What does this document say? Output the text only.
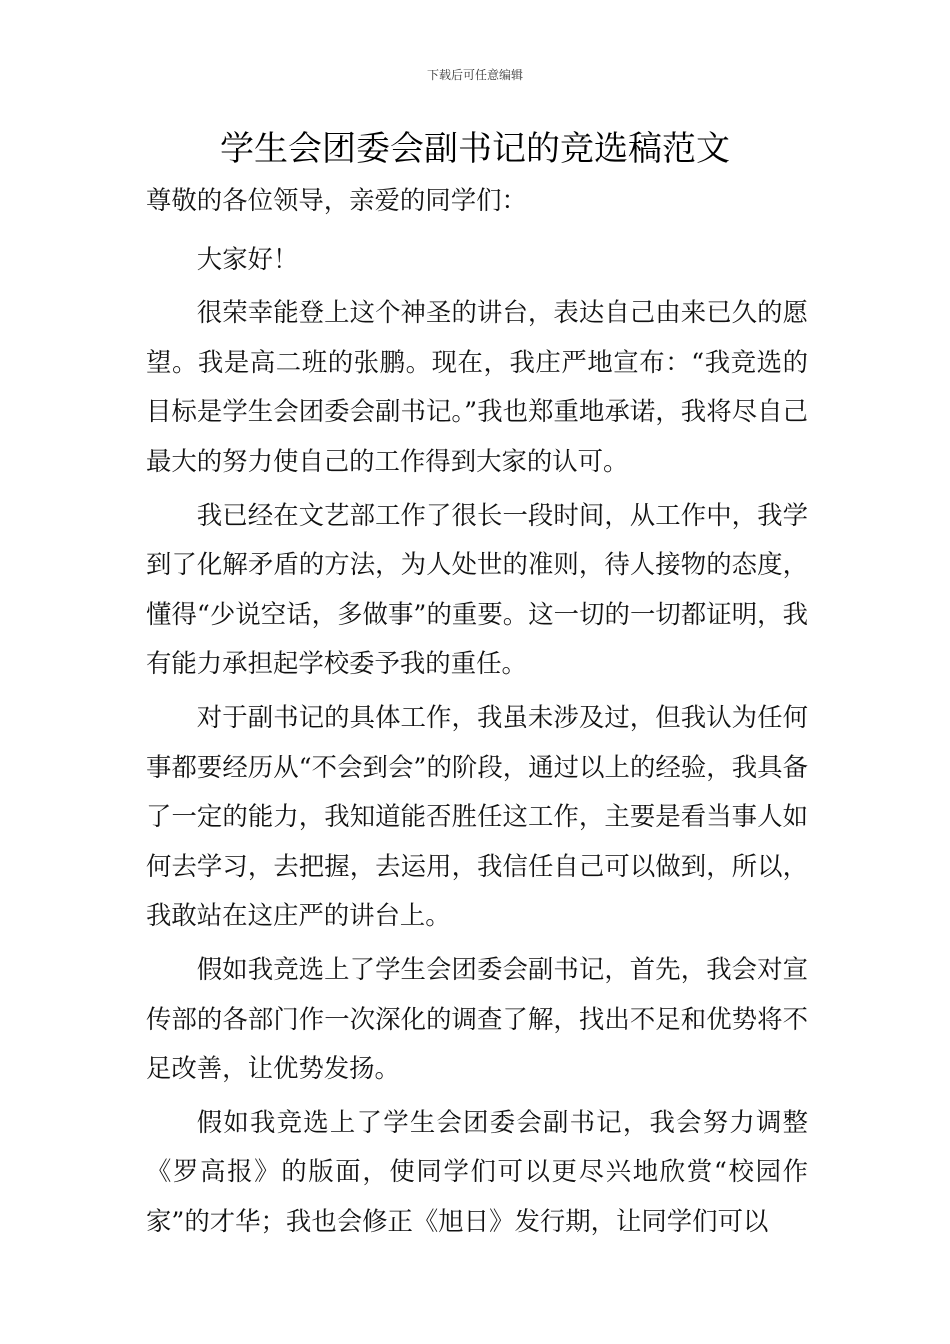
下载后可任意编辑
学生会团委会副书记的竞选稿范文

尊敬的各位领导，亲爱的同学们：

大家好！

很荣幸能登上这个神圣的讲台，表达自己由来已久的愿望。我是高二班的张鹏。现在，我庄严地宣布：“我竞选的目标是学生会团委会副书记。”我也郑重地承诺，我将尽自己最大的努力使自己的工作得到大家的认可。

我已经在文艺部工作了很长一段时间，从工作中，我学到了化解矛盾的方法，为人处世的准则，待人接物的态度，懂得“少说空话，多做事”的重要。这一切的一切都证明，我有能力承担起学校委予我的重任。

对于副书记的具体工作，我虽未涉及过，但我认为任何事都要经历从“不会到会”的阶段，通过以上的经验，我具备了一定的能力，我知道能否胜任这工作，主要是看当事人如何去学习，去把握，去运用，我信任自己可以做到，所以，我敢站在这庄严的讲台上。

假如我竞选上了学生会团委会副书记，首先，我会对宣传部的各部门作一次深化的调查了解，找出不足和优势将不足改善，让优势发扬。

假如我竞选上了学生会团委会副书记，我会努力调整《罗高报》的版面，使同学们可以更尽兴地欣赏“校园作家”的才华；我也会修正《旭日》发行期，让同学们可以
